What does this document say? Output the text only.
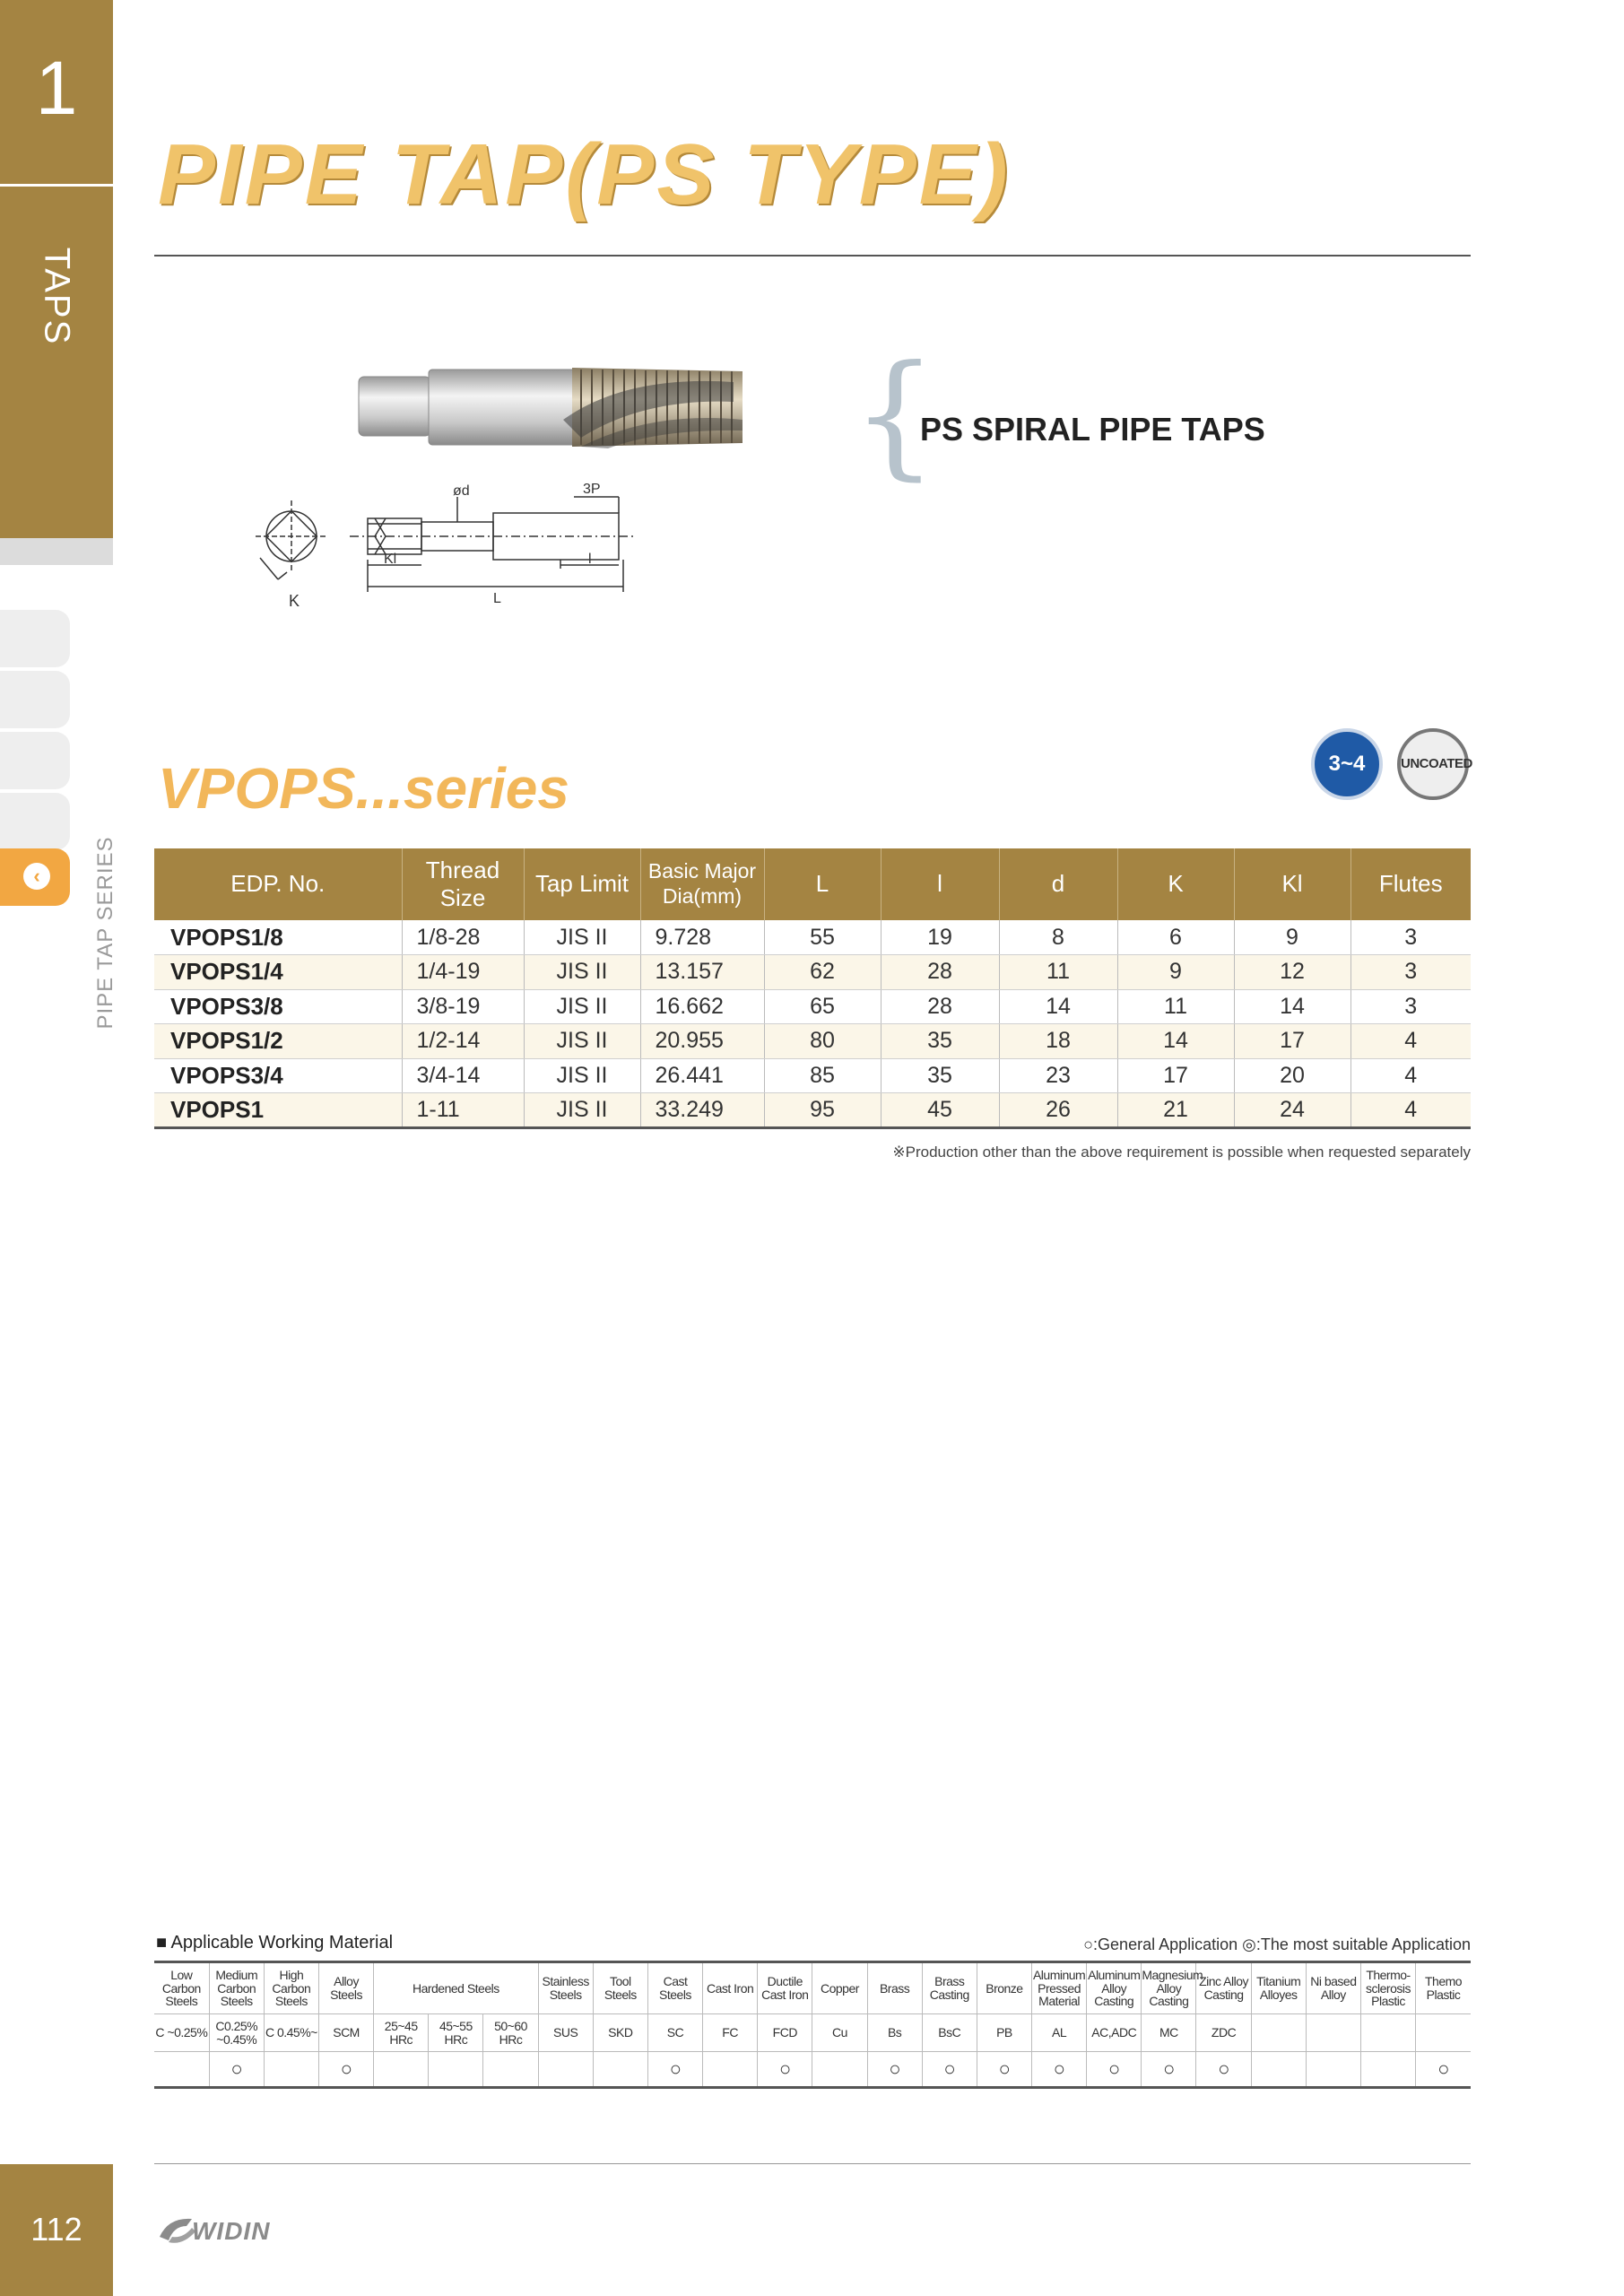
1
TAPS
‹	PIPE TAP SERIES
112
PIPE TAP(PS TYPE)
ød	3P
Kl	l
L
K
{
PS SPIRAL PIPE TAPS
VPOPS...series	3~4	UNCOATED
EDP. No.	Thread Size	Tap Limit	Basic Major Dia(mm)	L	l	d	K	Kl	Flutes
VPOPS1/8	1/8-28	JIS II	9.728	55	19	8	6	9	3
VPOPS1/4	1/4-19	JIS II	13.157	62	28	11	9	12	3
VPOPS3/8	3/8-19	JIS II	16.662	65	28	14	11	14	3
VPOPS1/2	1/2-14	JIS II	20.955	80	35	18	14	17	4
VPOPS3/4	3/4-14	JIS II	26.441	85	35	23	17	20	4
VPOPS1	1-11	JIS II	33.249	95	45	26	21	24	4
※Production other than the above requirement is possible when requested separately
■ Applicable Working Material	○:General Application ◎:The most suitable Application
Low Carbon Steels	Medium Carbon Steels	High Carbon Steels	Alloy Steels	Hardened Steels			Stainless Steels	Tool Steels	Cast Steels	Cast Iron	Ductile Cast Iron	Copper	Brass	Brass Casting	Bronze	Aluminum Pressed Material	Aluminum Alloy Casting	Magnesium Alloy Casting	Zinc Alloy Casting	Titanium Alloyes	Ni based Alloy	Thermo-sclerosis Plastic	Themo Plastic
C ~0.25%	C0.25% ~0.45%	C 0.45%~	SCM	25~45 HRc	45~55 HRc	50~60 HRc	SUS	SKD	SC	FC	FCD	Cu	Bs	BsC	PB	AL	AC,ADC	MC	ZDC				
	○		○						○		○		○	○	○	○	○	○	○				○
WIDIN
